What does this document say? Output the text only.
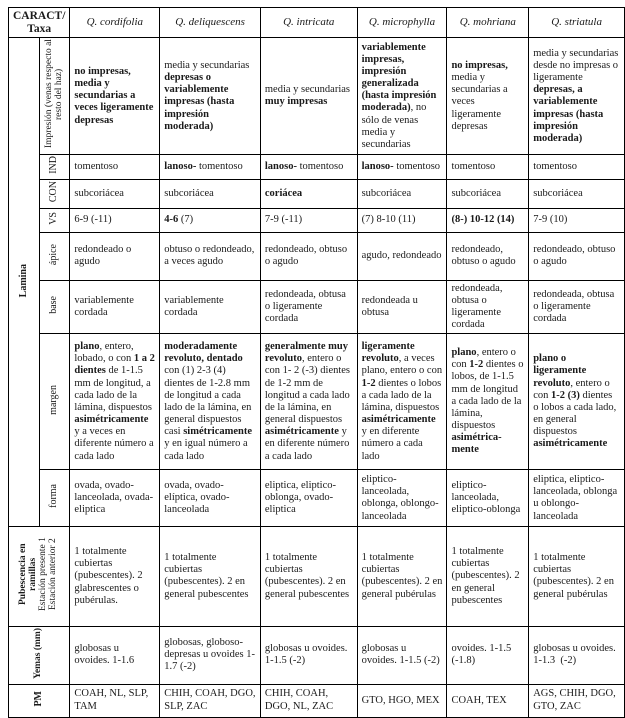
CARACT/ Taxa		Q. cordifolia	Q. deliquescens	Q. intricata	Q. microphylla	Q. mohriana	Q. striatula
Lamina	Impresión (venas respecto al resto del haz)	no impresas, media y secundarias a veces ligeramente depresas	media y secundarias depresas o variablemente impresas (hasta impresión moderada)	media y secundarias muy impresas	variablemente impresas, impresión generalizada (hasta impresión moderada), no sólo de venas media y secundarias	no impresas, media y secundarias a veces ligeramente depresas	media y secundarias desde no impresas o ligeramente depresas, a variablemente impresas (hasta impresión moderada)
	IND	tomentoso	lanoso- tomentoso	lanoso- tomentoso	lanoso- tomentoso	tomentoso	tomentoso
	CON	subcoriácea	subcoriácea	coriácea	subcoriácea	subcoriácea	subcoriácea
	VS	6-9 (-11)	4-6 (7)	7-9 (-11)	(7) 8-10 (11)	(8-) 10-12 (14)	7-9 (10)
	ápice	redondeado o agudo	obtuso o redondeado, a veces agudo	redondeado, obtuso o agudo	agudo, redondeado	redondeado, obtuso o agudo	redondeado, obtuso o agudo
	base	variablemente cordada	variablemente cordada	redondeada, obtusa o ligeramente cordada	redondeada u obtusa	redondeada, obtusa o ligeramente cordada	redondeada, obtusa o ligeramente cordada
	margen	plano, entero, lobado, o con 1 a 2 dientes de 1-1.5 mm de longitud, a cada lado de la lámina, dispuestos asimétricamente y a veces en diferente número a cada lado	moderadamente revoluto, dentado con (1) 2-3 (4) dientes de 1-2.8 mm de longitud a cada lado de la lámina, en general dispuestos casi simétricamente y en igual número a cada lado	generalmente muy revoluto, entero o con 1- 2 (-3) dientes de 1-2 mm de longitud a cada lado de la lámina, en general dispuestos asimétricamente y en diferente número a cada lado	ligeramente revoluto, a veces plano, entero o con 1-2 dientes o lobos a cada lado de la lámina, dispuestos asimétricamente y en diferente número a cada lado	plano, entero o con 1-2 dientes o lobos, de 1-1.5 mm de longitud a cada lado de la lámina, dispuestos asimétrica-mente	plano o ligeramente revoluto, entero o con 1-2 (3) dientes o lobos a cada lado, en general dispuestos asimétricamente
	forma	ovada, ovado-lanceolada, ovada-eliptica	ovada, ovado-elíptica, ovado-lanceolada	eliptica, eliptico-oblonga, ovado-eliptica	eliptico-lanceolada, oblonga, oblongo-lanceolada	eliptico-lanceolada, eliptico-oblonga	eliptica, eliptico-lanceolada, oblonga u oblongo-lanceolada

Pubescencia en ramillas Estación presente 1 Estación anterior 2		1 totalmente cubiertas (pubescentes). 2 glabrescentes o pubérulas.	1 totalmente cubiertas (pubescentes). 2 en general pubescentes	1 totalmente cubiertas (pubescentes). 2 en general pubescentes	1 totalmente cubiertas (pubescentes). 2 en general pubérulas	1 totalmente cubiertas (pubescentes). 2 en general pubescentes	1 totalmente cubiertas (pubescentes). 2 en general pubérulas
Yemas (mm)		globosas u ovoides. 1-1.6	globosas, globoso-depresas u ovoides 1-1.7 (-2)	globosas u ovoides. 1-1.5 (-2)	globosas u ovoides. 1-1.5 (-2)	ovoides. 1-1.5 (-1.8)	globosas u ovoides. 1-1.3  (-2)
PM		COAH, NL, SLP, TAM	CHIH, COAH, DGO, SLP, ZAC	CHIH, COAH, DGO, NL, ZAC	GTO, HGO, MEX	COAH, TEX	AGS, CHIH, DGO, GTO, ZAC
